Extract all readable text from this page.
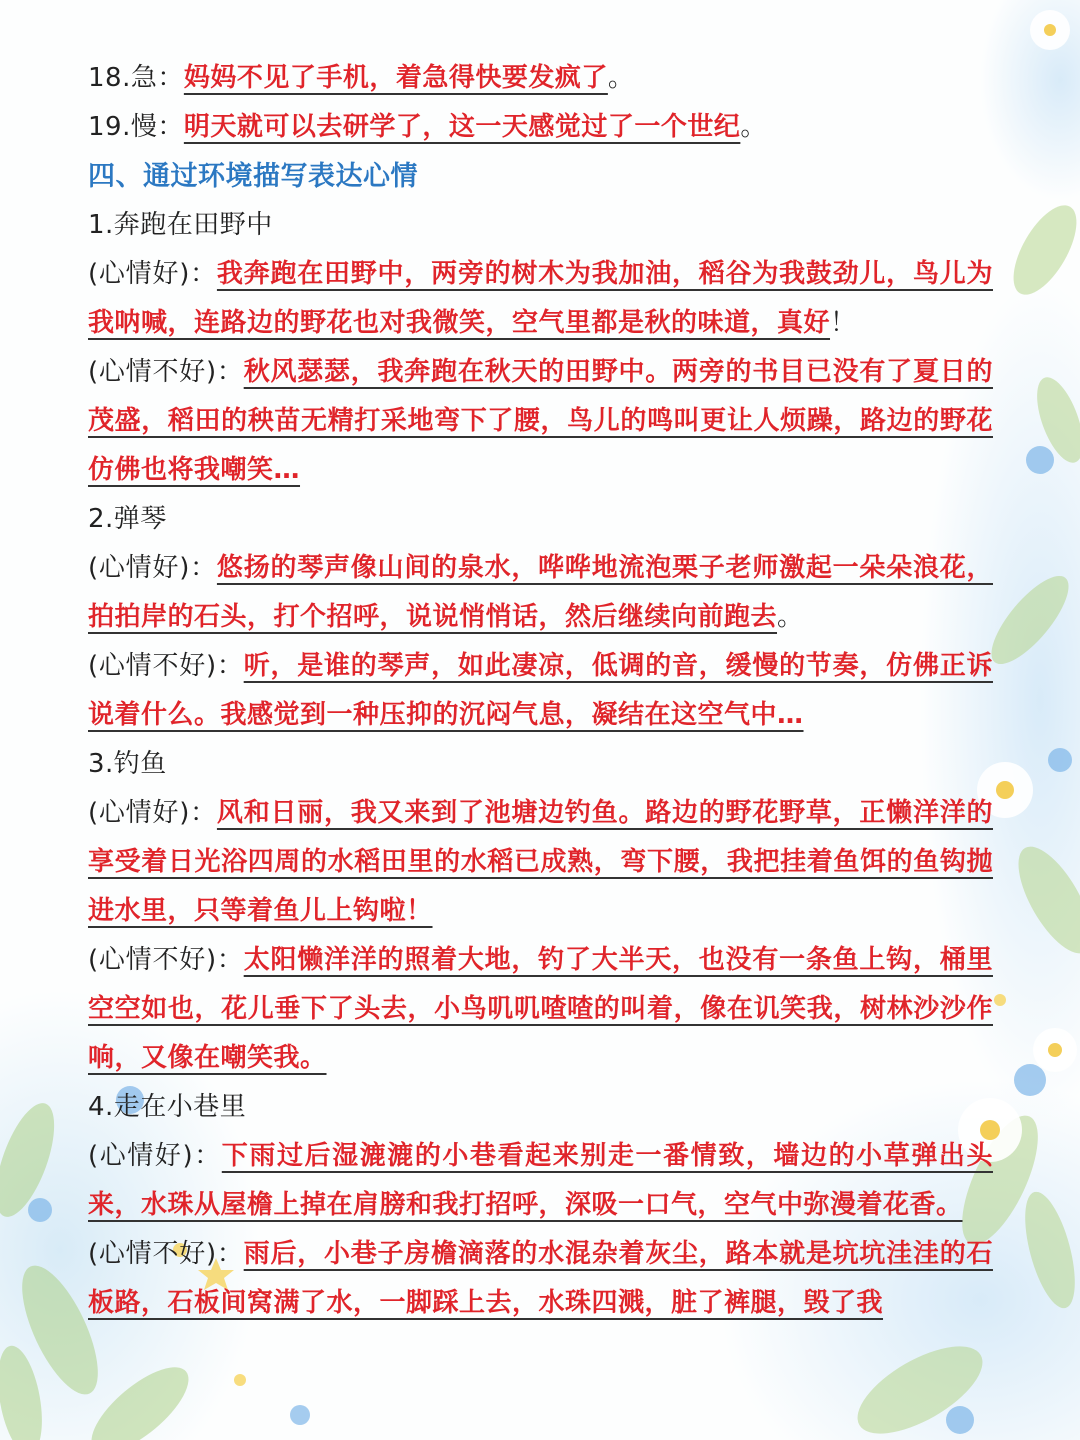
18.急：妈妈不见了手机，着急得快要发疯了。
19.慢：明天就可以去研学了，这一天感觉过了一个世纪。
四、通过环境描写表达心情
1.奔跑在田野中
(心情好)：我奔跑在田野中，两旁的树木为我加油，稻谷为我鼓劲儿，鸟儿为我呐喊，连路边的野花也对我微笑，空气里都是秋的味道，真好！
(心情不好)：秋风瑟瑟，我奔跑在秋天的田野中。两旁的书目已没有了夏日的茂盛，稻田的秧苗无精打采地弯下了腰，鸟儿的鸣叫更让人烦躁，路边的野花仿佛也将我嘲笑…
2.弹琴
(心情好)：悠扬的琴声像山间的泉水，哗哗地流泡栗子老师激起一朵朵浪花，拍拍岸的石头，打个招呼，说说悄悄话，然后继续向前跑去。
(心情不好)：听，是谁的琴声，如此凄凉，低调的音，缓慢的节奏，仿佛正诉说着什么。我感觉到一种压抑的沉闷气息，凝结在这空气中…
3.钓鱼
(心情好)：风和日丽，我又来到了池塘边钓鱼。路边的野花野草，正懒洋洋的享受着日光浴四周的水稻田里的水稻已成熟，弯下腰，我把挂着鱼饵的鱼钩抛进水里，只等着鱼儿上钩啦！
(心情不好)：太阳懒洋洋的照着大地，钓了大半天，也没有一条鱼上钩，桶里空空如也，花儿垂下了头去，小鸟叽叽喳喳的叫着，像在讥笑我，树林沙沙作响，又像在嘲笑我。
4.走在小巷里
(心情好)：下雨过后湿漉漉的小巷看起来别走一番情致，墙边的小草弹出头来，水珠从屋檐上掉在肩膀和我打招呼，深吸一口气，空气中弥漫着花香。
(心情不好)：雨后，小巷子房檐滴落的水混杂着灰尘，路本就是坑坑洼洼的石板路，石板间窝满了水，一脚踩上去，水珠四溅，脏了裤腿，毁了我
